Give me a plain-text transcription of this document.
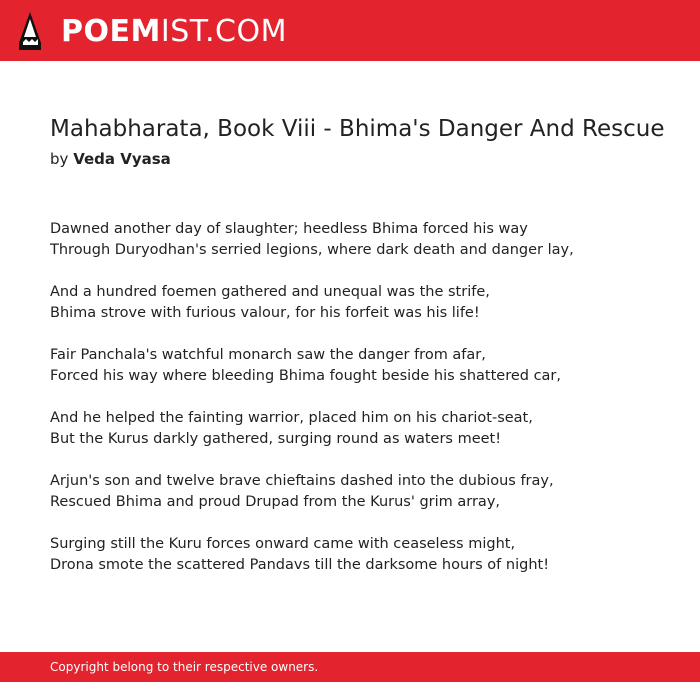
POEM IST.COM
Mahabharata, Book Viii - Bhima's Danger And Rescue
by Veda Vyasa
Dawned another day of slaughter; heedless Bhima forced his way
Through Duryodhan's serried legions, where dark death and danger lay,
And a hundred foemen gathered and unequal was the strife,
Bhima strove with furious valour, for his forfeit was his life!
Fair Panchala's watchful monarch saw the danger from afar,
Forced his way where bleeding Bhima fought beside his shattered car,
And he helped the fainting warrior, placed him on his chariot-seat,
But the Kurus darkly gathered, surging round as waters meet!
Arjun's son and twelve brave chieftains dashed into the dubious fray,
Rescued Bhima and proud Drupad from the Kurus' grim array,
Surging still the Kuru forces onward came with ceaseless might,
Drona smote the scattered Pandavs till the darksome hours of night!
Copyright belong to their respective owners.
